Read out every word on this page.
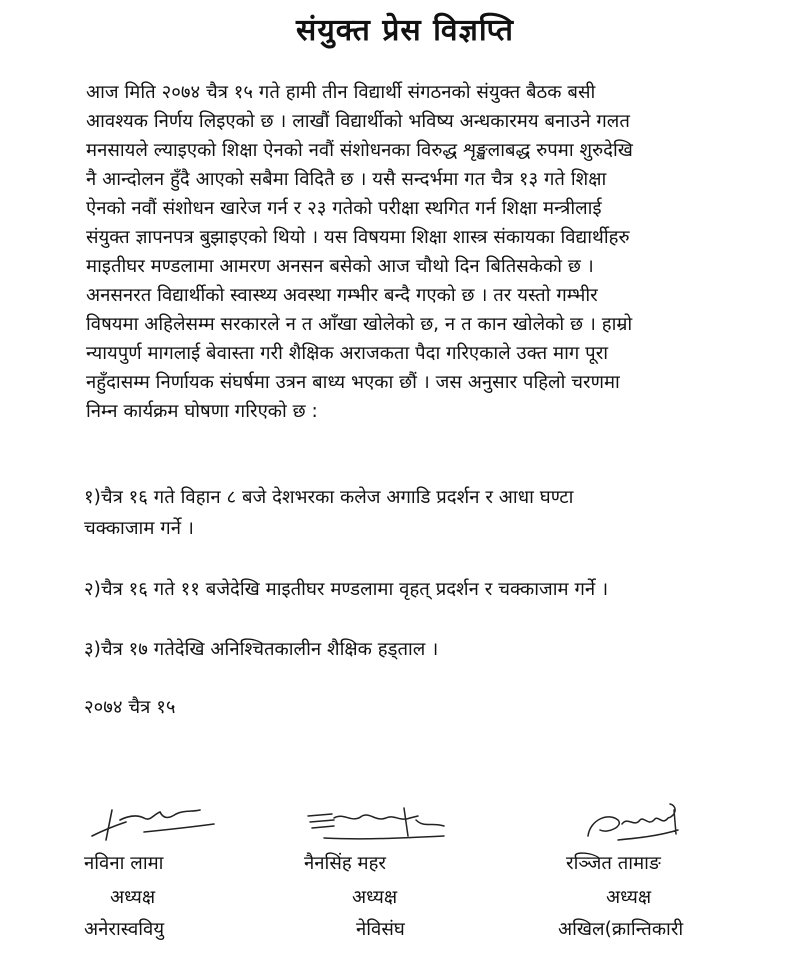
संयुक्त प्रेस विज्ञप्ति
आज मिति २०७४ चैत्र १५ गते हामी तीन विद्यार्थी संगठनको संयुक्त बैठक बसी
आवश्यक निर्णय लिइएको छ । लाखौं विद्यार्थीको भविष्य अन्धकारमय बनाउने गलत
मनसायले ल्याइएको शिक्षा ऐनको नवौं संशोधनका विरुद्ध शृङ्खलाबद्ध रुपमा शुरुदेखि
नै आन्दोलन हुँदै आएको सबैमा विदितै छ । यसै सन्दर्भमा गत चैत्र १३ गते शिक्षा
ऐनको नवौं संशोधन खारेज गर्न र २३ गतेको परीक्षा स्थगित गर्न शिक्षा मन्त्रीलाई
संयुक्त ज्ञापनपत्र बुझाइएको थियो । यस विषयमा शिक्षा शास्त्र संकायका विद्यार्थीहरु
माइतीघर मण्डलामा आमरण अनसन बसेको आज चौथो दिन बितिसकेको छ ।
अनसनरत विद्यार्थीको स्वास्थ्य अवस्था गम्भीर बन्दै गएको छ । तर यस्तो गम्भीर
विषयमा अहिलेसम्म सरकारले न त आँखा खोलेको छ, न त कान खोलेको छ । हाम्रो
न्यायपुर्ण मागलाई बेवास्ता गरी शैक्षिक अराजकता पैदा गरिएकाले उक्त माग पूरा
नहुँदासम्म निर्णायक संघर्षमा उत्रन बाध्य भएका छौं । जस अनुसार पहिलो चरणमा
निम्न कार्यक्रम घोषणा गरिएको छ :
१)चैत्र १६ गते विहान ८ बजे देशभरका कलेज अगाडि प्रदर्शन र आधा घण्टा
चक्काजाम गर्ने ।
२)चैत्र १६ गते ११ बजेदेखि माइतीघर मण्डलामा वृहत् प्रदर्शन र चक्काजाम गर्ने ।
३)चैत्र १७ गतेदेखि अनिश्चितकालीन शैक्षिक हड्ताल ।
२०७४ चैत्र १५
नविना लामा
अध्यक्ष
अनेरास्ववियु
नैनसिंह महर
अध्यक्ष
नेविसंघ
रञ्जित तामाङ
अध्यक्ष
अखिल(क्रान्तिकारी
